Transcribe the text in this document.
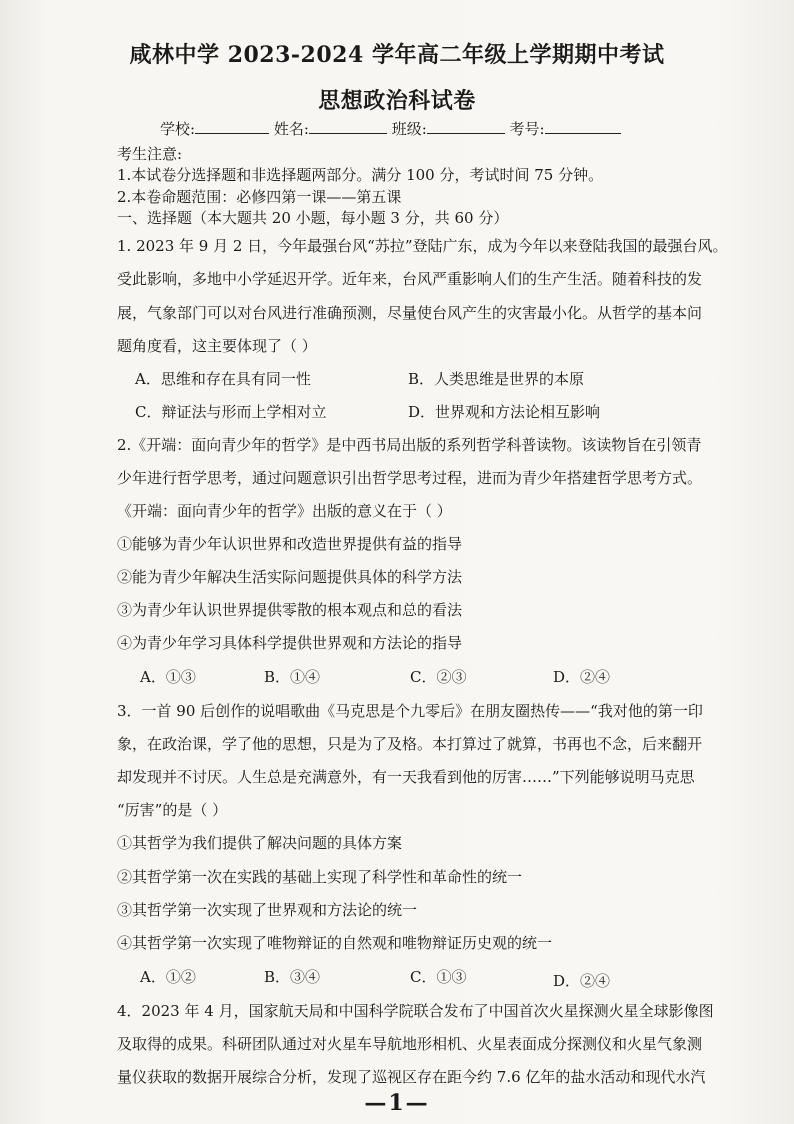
咸林中学 2023-2024 学年高二年级上学期期中考试
思想政治科试卷
学校:	姓名:	班级:	考号:
考生注意:
1.本试卷分选择题和非选择题两部分。满分 100 分，考试时间 75 分钟。
2.本卷命题范围：必修四第一课——第五课
一、选择题（本大题共 20 小题，每小题 3 分，共 60 分）
1. 2023 年 9 月 2 日，今年最强台风“苏拉”登陆广东，成为今年以来登陆我国的最强台风。
受此影响，多地中小学延迟开学。近年来，台风严重影响人们的生产生活。随着科技的发
展，气象部门可以对台风进行准确预测，尽量使台风产生的灾害最小化。从哲学的基本问
题角度看，这主要体现了（ ）
A．思维和存在具有同一性	B．人类思维是世界的本原
C．辩证法与形而上学相对立	D．世界观和方法论相互影响
2.《开端：面向青少年的哲学》是中西书局出版的系列哲学科普读物。该读物旨在引领青
少年进行哲学思考，通过问题意识引出哲学思考过程，进而为青少年搭建哲学思考方式。
《开端：面向青少年的哲学》出版的意义在于（ ）
①能够为青少年认识世界和改造世界提供有益的指导
②能为青少年解决生活实际问题提供具体的科学方法
③为青少年认识世界提供零散的根本观点和总的看法
④为青少年学习具体科学提供世界观和方法论的指导
A．①③	B．①④	C．②③	D．②④
3．一首 90 后创作的说唱歌曲《马克思是个九零后》在朋友圈热传——“我对他的第一印
象，在政治课，学了他的思想，只是为了及格。本打算过了就算，书再也不念，后来翻开
却发现并不讨厌。人生总是充满意外，有一天我看到他的厉害……”下列能够说明马克思
“厉害”的是（ ）
①其哲学为我们提供了解决问题的具体方案
②其哲学第一次在实践的基础上实现了科学性和革命性的统一
③其哲学第一次实现了世界观和方法论的统一
④其哲学第一次实现了唯物辩证的自然观和唯物辩证历史观的统一
A．①②	B．③④	C．①③	D．②④
4．2023 年 4 月，国家航天局和中国科学院联合发布了中国首次火星探测火星全球影像图
及取得的成果。科研团队通过对火星车导航地形相机、火星表面成分探测仪和火星气象测
量仪获取的数据开展综合分析，发现了巡视区存在距今约 7.6 亿年的盐水活动和现代水汽
—1—
